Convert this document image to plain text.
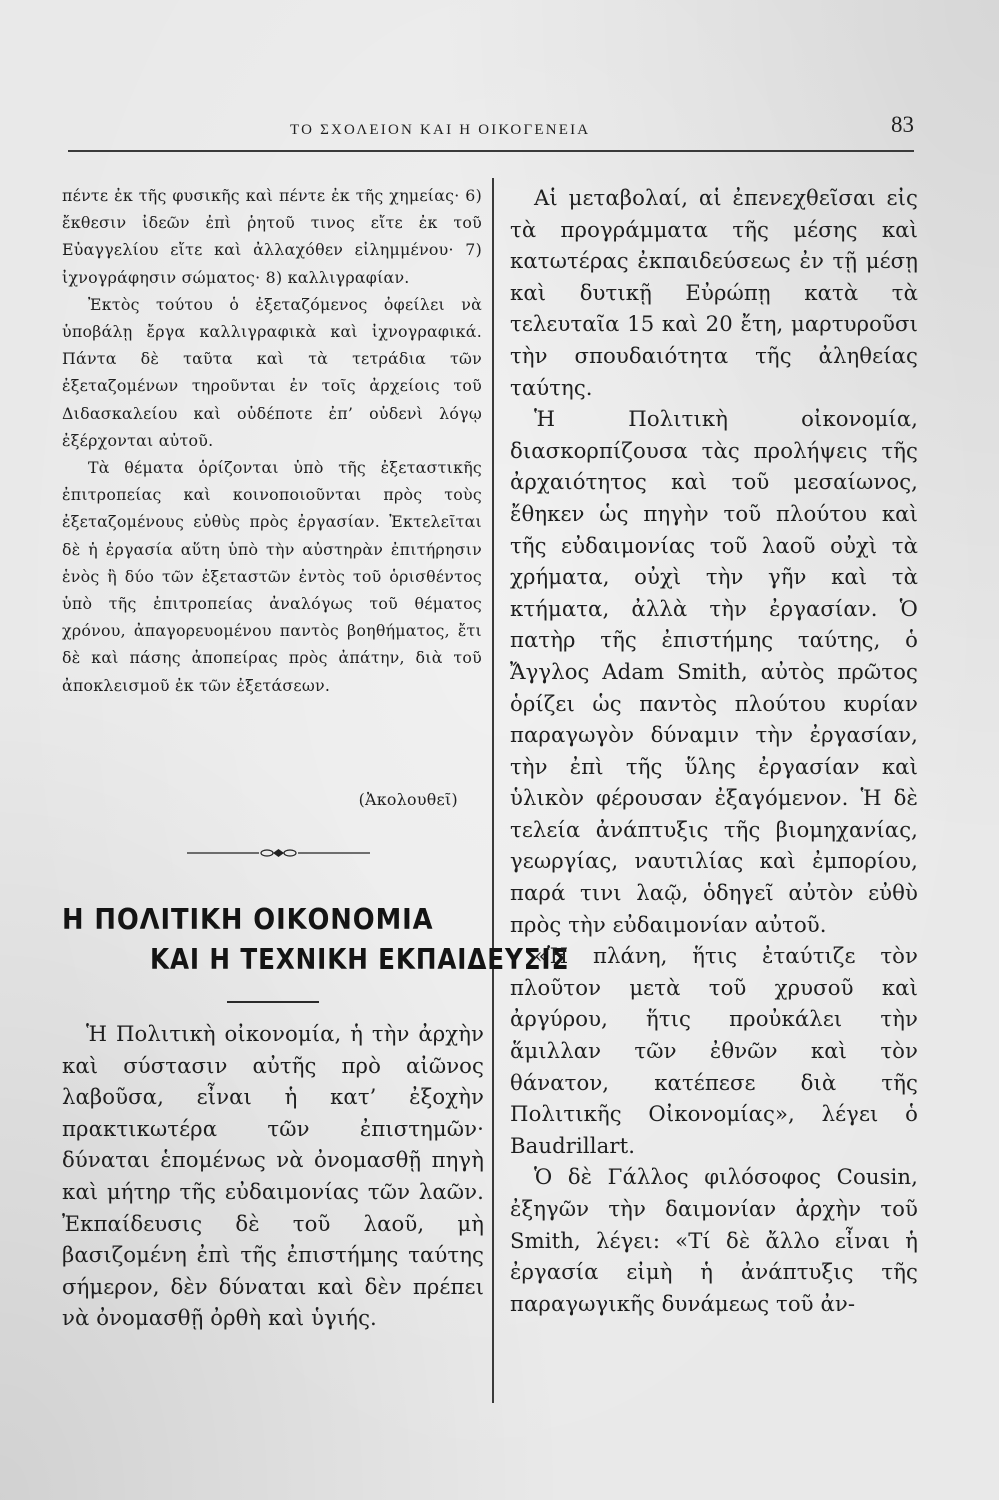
ΤΟ ΣΧΟΛΕΙΟΝ ΚΑΙ Η ΟΙΚΟΓΕΝΕΙΑ	83

πέντε ἐκ τῆς φυσικῆς καὶ πέντε ἐκ τῆς χημείας· 6) ἔκθεσιν ἰδεῶν ἐπὶ ῥητοῦ τινος εἴτε ἐκ τοῦ Εὐαγγελίου εἴτε καὶ ἀλλαχόθεν εἰλημμένου· 7) ἰχνογράφησιν σώματος· 8) καλλιγραφίαν.

Ἐκτὸς τούτου ὁ ἐξεταζόμενος ὀφείλει νὰ ὑποβάλῃ ἔργα καλλιγραφικὰ καὶ ἰχνογραφικά. Πάντα δὲ ταῦτα καὶ τὰ τετράδια τῶν ἐξεταζομένων τηροῦνται ἐν τοῖς ἀρχείοις τοῦ Διδασκαλείου καὶ οὐδέποτε ἐπ’ οὐδενὶ λόγῳ ἐξέρχονται αὐτοῦ.

Τὰ θέματα ὁρίζονται ὑπὸ τῆς ἐξεταστικῆς ἐπιτροπείας καὶ κοινοποιοῦνται πρὸς τοὺς ἐξεταζομένους εὐθὺς πρὸς ἐργασίαν. Ἐκτελεῖται δὲ ἡ ἐργασία αὕτη ὑπὸ τὴν αὐστηρὰν ἐπιτήρησιν ἑνὸς ἢ δύο τῶν ἐξεταστῶν ἐντὸς τοῦ ὁρισθέντος ὑπὸ τῆς ἐπιτροπείας ἀναλόγως τοῦ θέματος χρόνου, ἀπαγορευομένου παντὸς βοηθήματος, ἔτι δὲ καὶ πάσης ἀποπείρας πρὸς ἀπάτην, διὰ τοῦ ἀποκλεισμοῦ ἐκ τῶν ἐξετάσεων.

(Ἀκολουθεῖ)
Η ΠΟΛΙΤΙΚΗ ΟΙΚΟΝΟΜΙΑ
ΚΑΙ Η ΤΕΧΝΙΚΗ ΕΚΠΑΙΔΕΥΣΙΣ

Ἡ Πολιτικὴ οἰκονομία, ἡ τὴν ἀρχὴν καὶ σύστασιν αὐτῆς πρὸ αἰῶνος λαβοῦσα, εἶναι ἡ κατ’ ἐξοχὴν πρακτικωτέρα τῶν ἐπιστημῶν· δύναται ἑπομένως νὰ ὀνομασθῇ πηγὴ καὶ μήτηρ τῆς εὐδαιμονίας τῶν λαῶν. Ἐκπαίδευσις δὲ τοῦ λαοῦ, μὴ βασιζομένη ἐπὶ τῆς ἐπιστήμης ταύτης σήμερον, δὲν δύναται καὶ δὲν πρέπει νὰ ὀνομασθῇ ὀρθὴ καὶ ὑγιής.

Αἱ μεταβολαί, αἱ ἐπενεχθεῖσαι εἰς τὰ προγράμματα τῆς μέσης καὶ κατωτέρας ἐκπαιδεύσεως ἐν τῇ μέσῃ καὶ δυτικῇ Εὐρώπῃ κατὰ τὰ τελευταῖα 15 καὶ 20 ἔτη, μαρτυροῦσι τὴν σπουδαιότητα τῆς ἀληθείας ταύτης.

Ἡ Πολιτικὴ οἰκονομία, διασκορπίζουσα τὰς προλήψεις τῆς ἀρχαιότητος καὶ τοῦ μεσαίωνος, ἔθηκεν ὡς πηγὴν τοῦ πλούτου καὶ τῆς εὐδαιμονίας τοῦ λαοῦ οὐχὶ τὰ χρήματα, οὐχὶ τὴν γῆν καὶ τὰ κτήματα, ἀλλὰ τὴν ἐργασίαν. Ὁ πατὴρ τῆς ἐπιστήμης ταύτης, ὁ Ἄγγλος Adam Smith, αὐτὸς πρῶτος ὁρίζει ὡς παντὸς πλούτου κυρίαν παραγωγὸν δύναμιν τὴν ἐργασίαν, τὴν ἐπὶ τῆς ὕλης ἐργασίαν καὶ ὑλικὸν φέρουσαν ἐξαγόμενον. Ἡ δὲ τελεία ἀνάπτυξις τῆς βιομηχανίας, γεωργίας, ναυτιλίας καὶ ἐμπορίου, παρά τινι λαῷ, ὁδηγεῖ αὐτὸν εὐθὺ πρὸς τὴν εὐδαιμονίαν αὐτοῦ.

«Ἡ πλάνη, ἥτις ἐταύτιζε τὸν πλοῦτον μετὰ τοῦ χρυσοῦ καὶ ἀργύρου, ἥτις προὐκάλει τὴν ἅμιλλαν τῶν ἐθνῶν καὶ τὸν θάνατον, κατέπεσε διὰ τῆς Πολιτικῆς Οἰκονομίας», λέγει ὁ Baudrillart.

Ὁ δὲ Γάλλος φιλόσοφος Cousin, ἐξηγῶν τὴν δαιμονίαν ἀρχὴν τοῦ Smith, λέγει: «Τί δὲ ἄλλο εἶναι ἡ ἐργασία εἰμὴ ἡ ἀνάπτυξις τῆς παραγωγικῆς δυνάμεως τοῦ ἀν-
